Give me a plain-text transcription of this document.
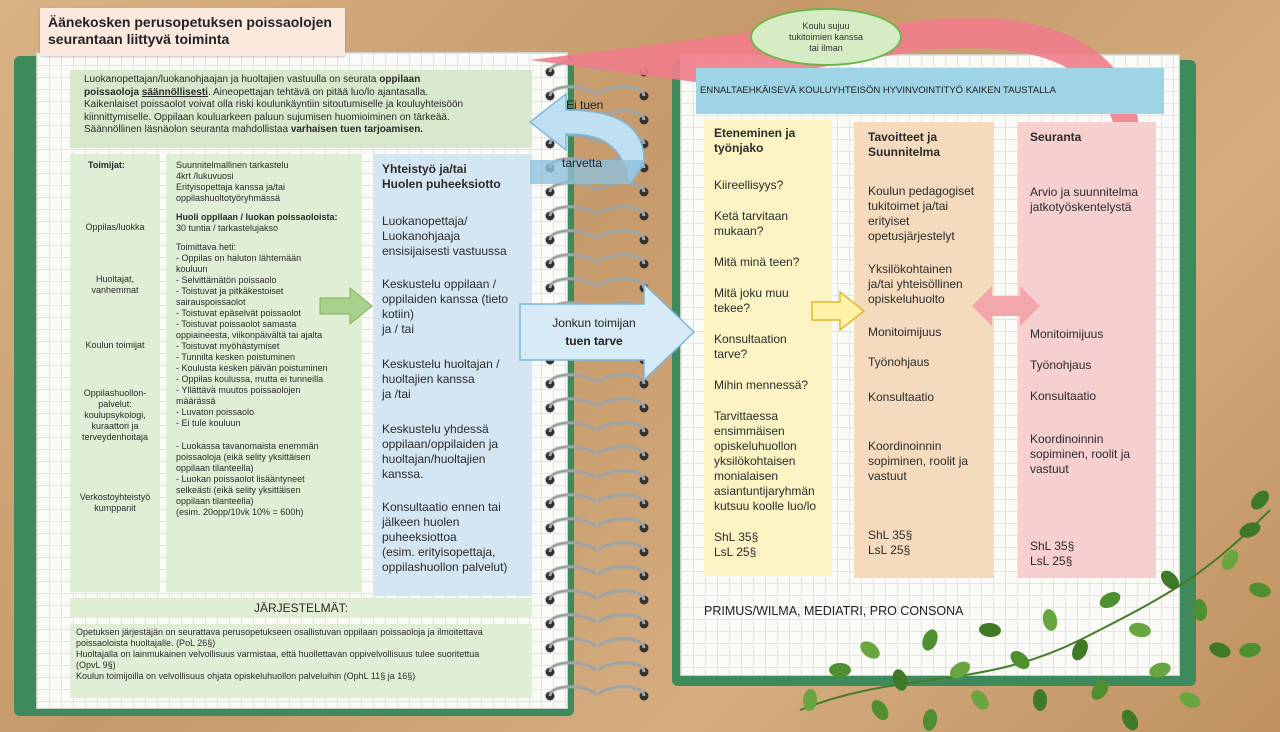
Äänekosken perusopetuksen poissaolojen
seurantaan liittyvä toiminta
Koulu sujuu
tukitoimien kanssa
tai ilman
Luokanopettajan/luokanohjaajan ja huoltajien vastuulla on seurata oppilaan
poissaoloja säännöllisesti. Aineopettajan tehtävä on pitää luo/lo ajantasalla.
Kaikenlaiset poissaolot voivat olla riski koulunkäyntiin sitoutumiselle ja kouluyhteisöön
kiinnittymiselle. Oppilaan kouluarkeen paluun sujumisen huomioiminen on tärkeää.
Säännöllinen läsnäolon seuranta mahdollistaa varhaisen tuen tarjoamisen.
Toimijat:
Oppilas/luokka
Huoltajat, vanhemmat
Koulun toimijat
Oppilashuollon-palvelut: koulupsykologi, kuraattori ja terveydenhoitaja
Verkostoyhteistyö kumppanit
Suunnitelmallinen tarkastelu
4krt /lukuvuosi
Erityisopettaja kanssa ja/tai
oppilashuoltotyöryhmässä
Huoli oppilaan / luokan poissaoloista:
30 tuntia / tarkastelujakso
Toimittava heti:
- Oppilas on haluton lähtemään
kouluun
- Selvittämätön poissaolo
- Toistuvat ja pitkäkestoiset
sairauspoissaolot
- Toistuvat epäselvät poissaolot
- Toistuvat poissaolot samasta
oppiaineesta, viikonpäivältä tai ajalta
- Toistuvat myöhästymiset
- Tunnilta kesken poistuminen
- Koulusta kesken päivän poistuminen
- Oppilas koulussa, mutta ei tunneilla
- Yllättävä muutos poissaolojen
määrässä
- Luvaton poissaolo
- Ei tule kouluun
- Luokassa tavanomaista enemmän
poissaoloja (eikä selity yksittäisen
oppilaan tilanteella)
- Luokan poissaolot lisääntyneet
selkeästi (eikä selity yksittäisen
oppilaan tilanteella)
(esim. 20opp/10vk 10% = 600h)
Yhteistyö ja/tai
Huolen puheeksiotto
Luokanopettaja/
Luokanohjaaja
ensisijaisesti vastuussa
Keskustelu oppilaan /
oppilaiden kanssa (tieto
kotiin)
ja / tai
Keskustelu huoltajan /
huoltajien kanssa
ja /tai
Keskustelu yhdessä
oppilaan/oppilaiden ja
huoltajan/huoltajien
kanssa.
Konsultaatio ennen tai
jälkeen huolen
puheeksiottoa
(esim. erityisopettaja,
oppilashuollon palvelut)
JÄRJESTELMÄT:
Opetuksen järjestäjän on seurattava perusopetukseen osallistuvan oppilaan poissaoloja ja ilmoitettava
poissaoloista huoltajalle. (PoL 26§)
Huoltajalla on lainmukainen velvollisuus varmistaa, että huollettavan oppivelvollisuus tulee suoritettua
(OpvL 9§)
Koulun toimijoilla on velvollisuus ohjata opiskeluhuollon palveluihin (OphL 11§ ja 16§)
Ei tuen
tarvetta
Jonkun toimijan
tuen tarve
ENNALTAEHKÄISEVÄ KOULUYHTEISÖN HYVINVOINTITYÖ KAIKEN TAUSTALLA
Eteneminen ja
työnjako
Kiireellisyys?
Ketä tarvitaan
mukaan?
Mitä minä teen?
Mitä joku muu
tekee?
Konsultaation
tarve?
Mihin mennessä?
Tarvittaessa
ensimmäisen
opiskeluhuollon
yksilökohtaisen
monialaisen
asiantuntijaryhmän
kutsuu koolle luo/lo
ShL 35§
LsL 25§
Tavoitteet ja
Suunnitelma
Koulun pedagogiset
tukitoimet ja/tai
erityiset
opetusjärjestelyt
Yksilökohtainen
ja/tai yhteisöllinen
opiskeluhuolto
Monitoimijuus
Työnohjaus
Konsultaatio
Koordinoinnin
sopiminen, roolit ja
vastuut
ShL 35§
LsL 25§
Seuranta
Arvio ja suunnitelma
jatkotyöskentelystä
Monitoimijuus
Työnohjaus
Konsultaatio
Koordinoinnin
sopiminen, roolit ja
vastuut
ShL 35§
LsL 25§
PRIMUS/WILMA, MEDIATRI, PRO CONSONA
